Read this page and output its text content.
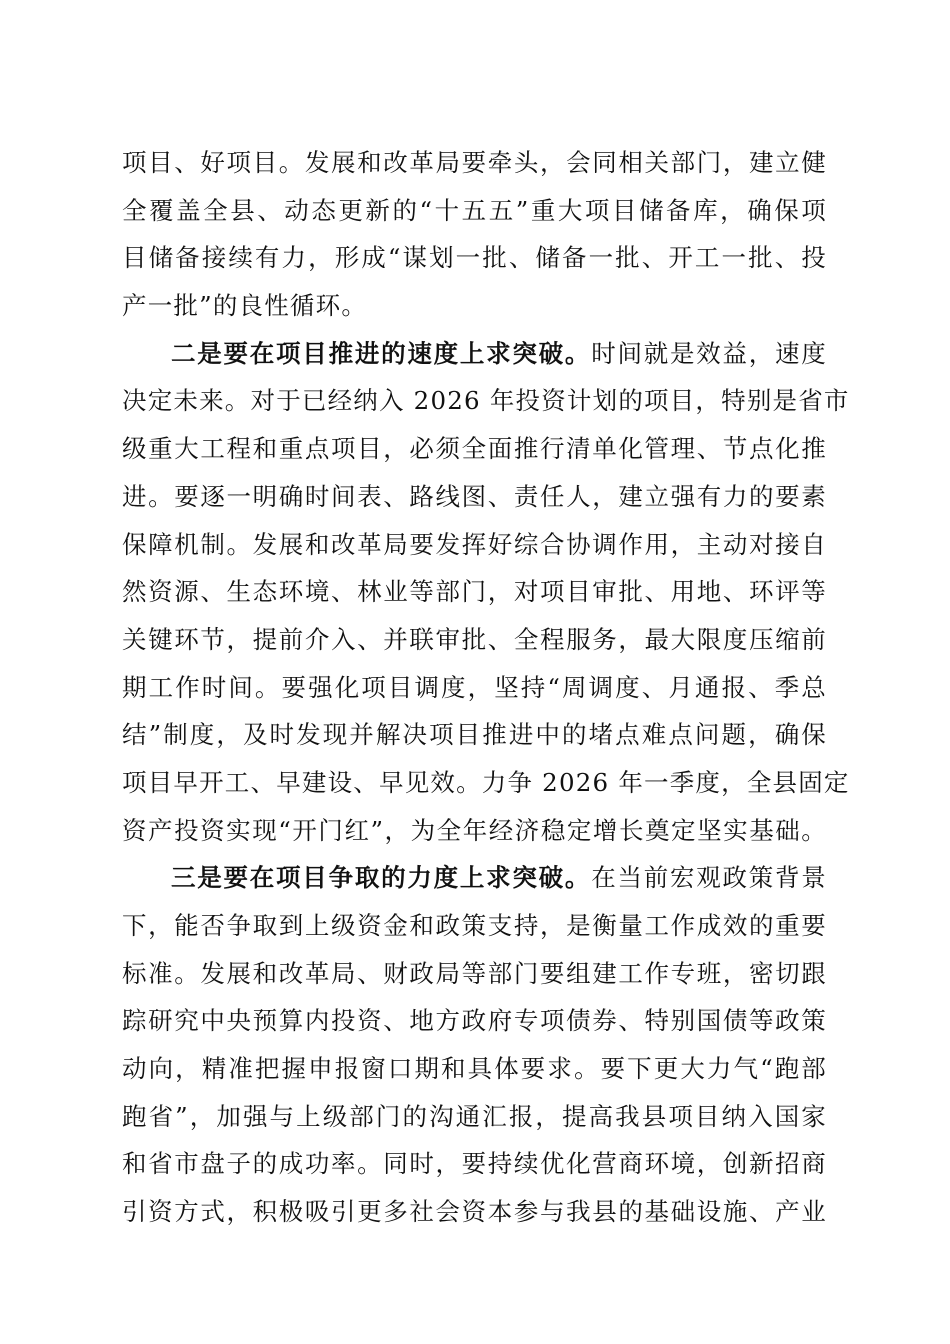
项目、好项目。发展和改革局要牵头，会同相关部门，建立健
全覆盖全县、动态更新的“十五五”重大项目储备库，确保项
目储备接续有力，形成“谋划一批、储备一批、开工一批、投
产一批”的良性循环。
二是要在项目推进的速度上求突破。时间就是效益，速度
决定未来。对于已经纳入 2026 年投资计划的项目，特别是省市
级重大工程和重点项目，必须全面推行清单化管理、节点化推
进。要逐一明确时间表、路线图、责任人，建立强有力的要素
保障机制。发展和改革局要发挥好综合协调作用，主动对接自
然资源、生态环境、林业等部门，对项目审批、用地、环评等
关键环节，提前介入、并联审批、全程服务，最大限度压缩前
期工作时间。要强化项目调度，坚持“周调度、月通报、季总
结”制度，及时发现并解决项目推进中的堵点难点问题，确保
项目早开工、早建设、早见效。力争 2026 年一季度，全县固定
资产投资实现“开门红”，为全年经济稳定增长奠定坚实基础。
三是要在项目争取的力度上求突破。在当前宏观政策背景
下，能否争取到上级资金和政策支持，是衡量工作成效的重要
标准。发展和改革局、财政局等部门要组建工作专班，密切跟
踪研究中央预算内投资、地方政府专项债券、特别国债等政策
动向，精准把握申报窗口期和具体要求。要下更大力气“跑部
跑省”，加强与上级部门的沟通汇报，提高我县项目纳入国家
和省市盘子的成功率。同时，要持续优化营商环境，创新招商
引资方式，积极吸引更多社会资本参与我县的基础设施、产业
